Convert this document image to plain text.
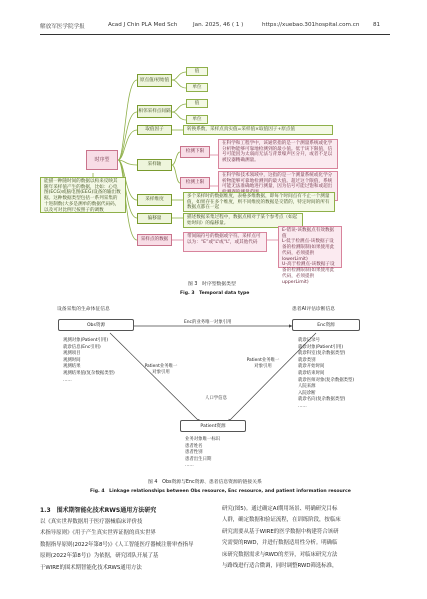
解放军医学院学报	Acad J Chin PLA Med Sch	Jan. 2025, 46 ( 1 )	https://xuebao.301hospital.com.cn 81
时序型
原点值/初始值
值
单位
相邻采样点间隔
值
单位
取值因子	转换系数，采样点真实值=采样值×取值因子+原点值
采样轴
检测下限
在科学和工程学中，该通常指的是一个测量系统或化学分析物能够可靠地检测到的最小值。低于该下限值，信号可能因为太弱而无法与背景噪声区分开，或者不足以被仪器精确测量。
检测上限
在科学和技术领域中，这指的是一个测量系统或化学分析物能够可靠地检测到的最大值。超过这个限值，系统可能无法准确地进行测量，因为信号可能过饱和或超出
采样维度
多个采样时的数据维度，表格多维数据，即每个时间点有不止一个测量值，如果存在多个维度，则不同维度的数据是交错的，特定时间的所有数据点都在一起
偏移量	描述数据采集过程中，数据点相对于某个参考点（如起始时间）的偏移量。
采样点的数据
带间隔符号的数据或字符。采样点可以为：“E”或“L”或“L”，或其他代码
E-错误-该数据点有效数据值
L-低于检测点-该数据子设备的检测限制(如果使用此代码，必须提供lowerLimit)
U-高于检测点-该数据子设备的检测限制(如果使用此代码，必须提供upperLimit)
能描一种随时间的数据以构来反映其随年采样值产生的数据，比如：心电图(ECG)或脑电图(EEG)设备的输出数据。这种数据类型包括一系列采集的十进制数(大多是测单的数据代码码，以及可对比例尺按照子的调数
图 3　时序型数据类型
Fig. 3　Temporal data type
设备采集的生命体征信息	患者AI评估诊断信息
Obs资源	Enc资源
观测对象(Patient引用)
就诊信息(Enc引用)
观测项目
观测时间
观测结果
观测结果值(复杂数据类型)
……
就诊记录号
就诊对象(Patient引用)
就诊科室(复杂数据类型)
就诊类别
就诊开始时间
就诊结束时间
就诊医师对象(复杂数据类型)
人院来源
入院诊断
就诊名向(复杂数据类型)
……
Enc的业务唯一对象引用
Patient业务唯一对象引用
Patient业务唯一对象引用
人口学信息
Patient资源
业务对象唯一标识
患者姓名
患者性别
患者出生日期
……
图 4　Obs资源与Enc资源、患者信息资源的链接关系
Fig. 4　Linkage relationships between Obs resource, Enc resource, and patient information resource
1.3　围术期智能化技术RWS通用方法研究
以《真实世界数据用于医疗器械临床评价技
术指导原则》《用于产生真实世界证据的真实世界
数据指导原则(2022年第8号)》《人工智能医疗器械注册审查指导
原则(2022年第8号)》为依据，研究团队开展了基
于WIRE的围术期智能化技术RWS通用方法
研究(图5)。通过确定AI期用场景、明确研究目标
人群，确定数据和验证流程，在训练阶段，按临床
研究需要从基于WIRE的医学数据中构建符合该研
究需要的RWD，并进行数据适用性分析。明确临
床研究数据需求与RWD的差异，对临床研究方法
与路线进行适合微调，同时调整RWD筛选标准，
